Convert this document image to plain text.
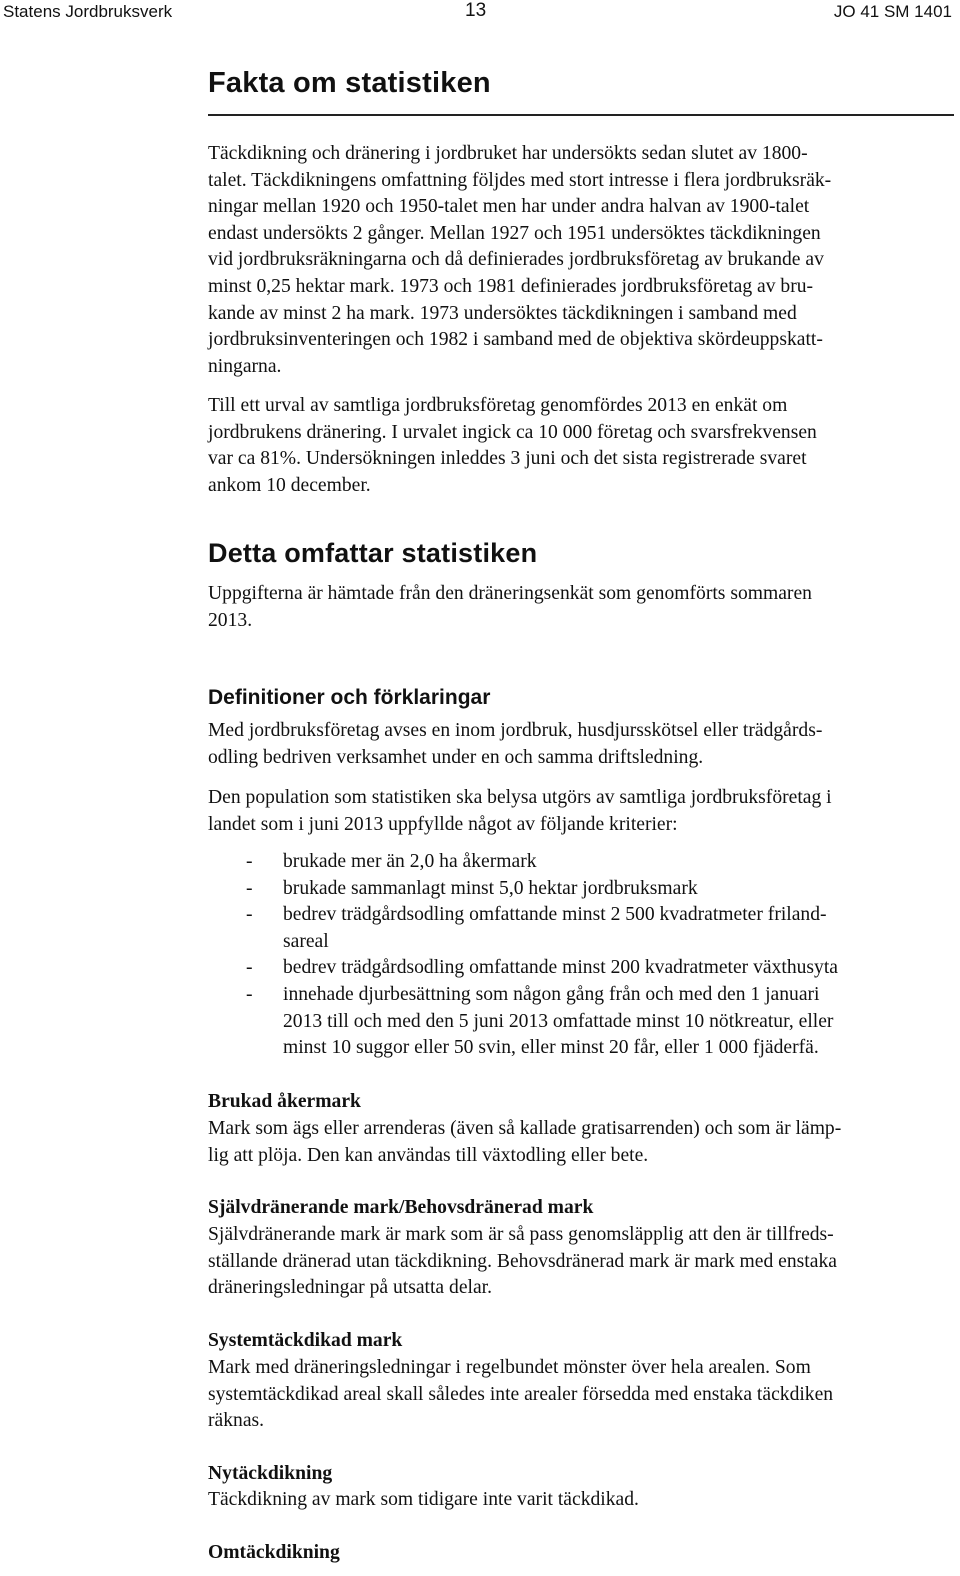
Statens Jordbruksverk	13	JO 41 SM 1401
Fakta om statistiken

Täckdikning och dränering i jordbruket har undersökts sedan slutet av 1800-
talet. Täckdikningens omfattning följdes med stort intresse i flera jordbruksräk-
ningar mellan 1920 och 1950-talet men har under andra halvan av 1900-talet
endast undersökts 2 gånger. Mellan 1927 och 1951 undersöktes täckdikningen
vid jordbruksräkningarna och då definierades jordbruksföretag av brukande av
minst 0,25 hektar mark. 1973 och 1981 definierades jordbruksföretag av bru-
kande av minst 2 ha mark. 1973 undersöktes täckdikningen i samband med
jordbruksinventeringen och 1982 i samband med de objektiva skördeuppskatt-
ningarna.

Till ett urval av samtliga jordbruksföretag genomfördes 2013 en enkät om
jordbrukens dränering. I urvalet ingick ca 10 000 företag och svarsfrekvensen
var ca 81%. Undersökningen inleddes 3 juni och det sista registrerade svaret
ankom 10 december.

Detta omfattar statistiken

Uppgifterna är hämtade från den dräneringsenkät som genomförts sommaren
2013.

Definitioner och förklaringar

Med jordbruksföretag avses en inom jordbruk, husdjursskötsel eller trädgårds-
odling bedriven verksamhet under en och samma driftsledning.

Den population som statistiken ska belysa utgörs av samtliga jordbruksföretag i
landet som i juni 2013 uppfyllde något av följande kriterier:

- brukade mer än 2,0 ha åkermark
- brukade sammanlagt minst 5,0 hektar jordbruksmark
- bedrev trädgårdsodling omfattande minst 2 500 kvadratmeter friland-
sareal
- bedrev trädgårdsodling omfattande minst 200 kvadratmeter växthusyta
- innehade djurbesättning som någon gång från och med den 1 januari
2013 till och med den 5 juni 2013 omfattade minst 10 nötkreatur, eller
minst 10 suggor eller 50 svin, eller minst 20 får, eller 1 000 fjäderfä.
Brukad åkermark

Mark som ägs eller arrenderas (även så kallade gratisarrenden) och som är lämp-
lig att plöja. Den kan användas till växtodling eller bete.

Självdränerande mark/Behovsdränerad mark

Självdränerande mark är mark som är så pass genomsläpplig att den är tillfreds-
ställande dränerad utan täckdikning. Behovsdränerad mark är mark med enstaka
dräneringsledningar på utsatta delar.

Systemtäckdikad mark

Mark med dräneringsledningar i regelbundet mönster över hela arealen. Som
systemtäckdikad areal skall således inte arealer försedda med enstaka täckdiken
räknas.

Nytäckdikning

Täckdikning av mark som tidigare inte varit täckdikad.

Omtäckdikning
